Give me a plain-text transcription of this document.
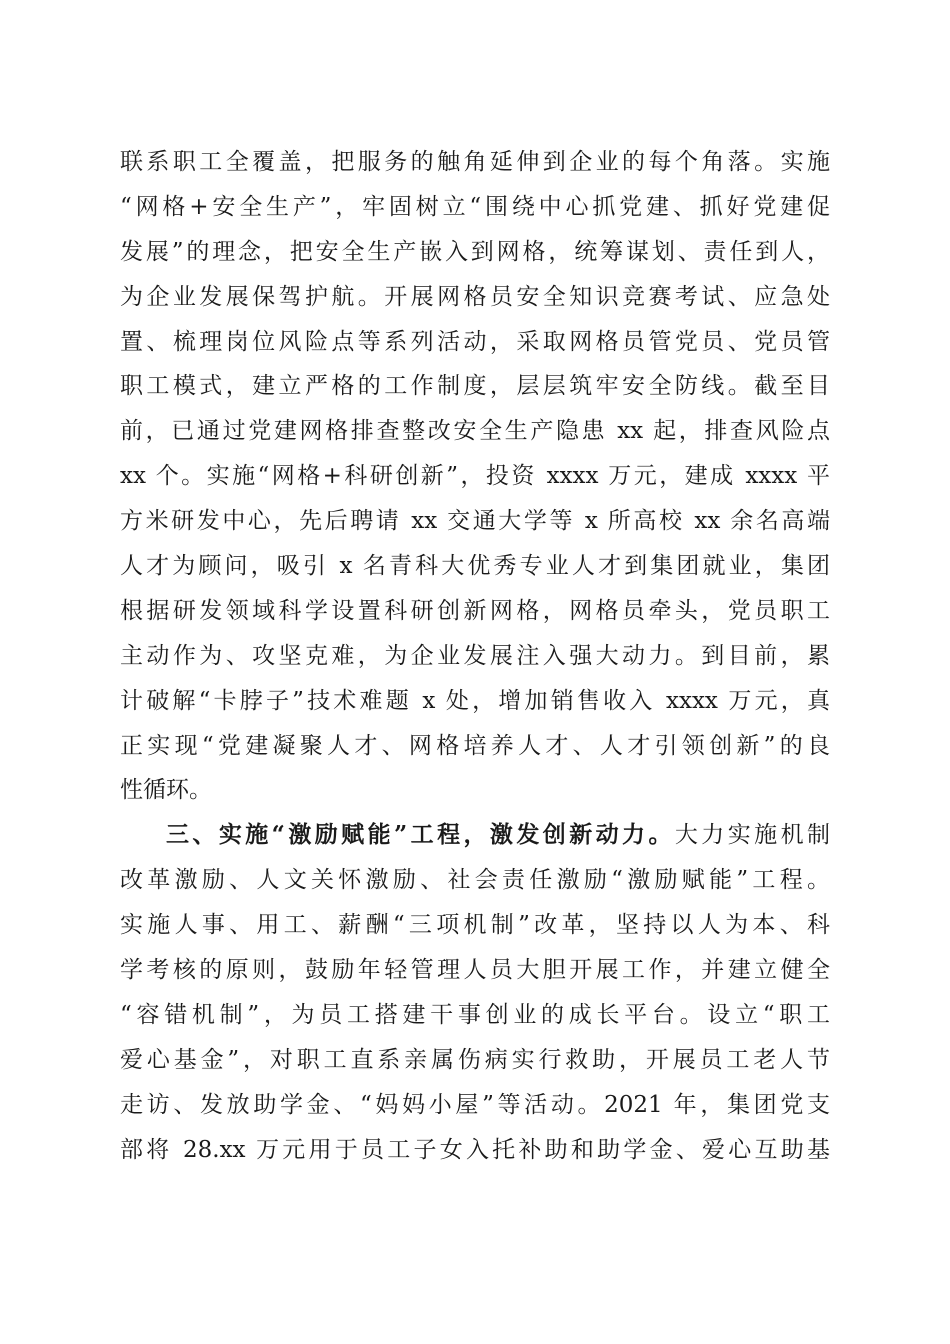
联系职工全覆盖，把服务的触角延伸到企业的每个角落。实施
“网格+安全生产”，牢固树立“围绕中心抓党建、抓好党建促
发展”的理念，把安全生产嵌入到网格，统筹谋划、责任到人，
为企业发展保驾护航。开展网格员安全知识竞赛考试、应急处
置、梳理岗位风险点等系列活动，采取网格员管党员、党员管
职工模式，建立严格的工作制度，层层筑牢安全防线。截至目
前，已通过党建网格排查整改安全生产隐患 xx 起，排查风险点
xx 个。实施“网格+科研创新”，投资 xxxx 万元，建成 xxxx 平
方米研发中心，先后聘请 xx 交通大学等 x 所高校 xx 余名高端
人才为顾问，吸引 x 名青科大优秀专业人才到集团就业，集团
根据研发领域科学设置科研创新网格，网格员牵头，党员职工
主动作为、攻坚克难，为企业发展注入强大动力。到目前，累
计破解“卡脖子”技术难题 x 处，增加销售收入 xxxx 万元，真
正实现“党建凝聚人才、网格培养人才、人才引领创新”的良
性循环。
三、实施“激励赋能”工程，激发创新动力。大力实施机制
改革激励、人文关怀激励、社会责任激励“激励赋能”工程。
实施人事、用工、薪酬“三项机制”改革，坚持以人为本、科
学考核的原则，鼓励年轻管理人员大胆开展工作，并建立健全
“容错机制”，为员工搭建干事创业的成长平台。设立“职工
爱心基金”，对职工直系亲属伤病实行救助，开展员工老人节
走访、发放助学金、“妈妈小屋”等活动。2021 年，集团党支
部将 28.xx 万元用于员工子女入托补助和助学金、爱心互助基
